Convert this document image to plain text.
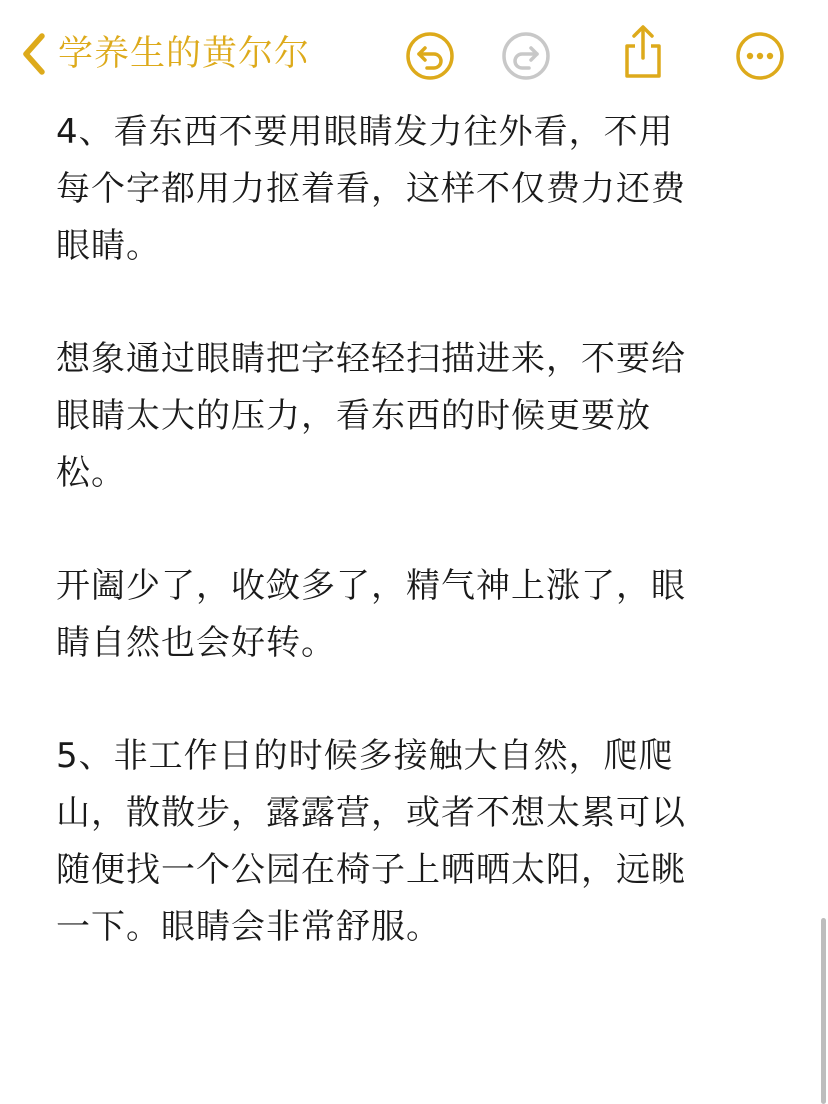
学养生的黄尔尔

4、看东西不要用眼睛发力往外看，不用
每个字都用力抠着看，这样不仅费力还费
眼睛。

想象通过眼睛把字轻轻扫描进来，不要给
眼睛太大的压力，看东西的时候更要放
松。

开阖少了，收敛多了，精气神上涨了，眼
睛自然也会好转。

5、非工作日的时候多接触大自然，爬爬
山，散散步，露露营，或者不想太累可以
随便找一个公园在椅子上晒晒太阳，远眺
一下。眼睛会非常舒服。
